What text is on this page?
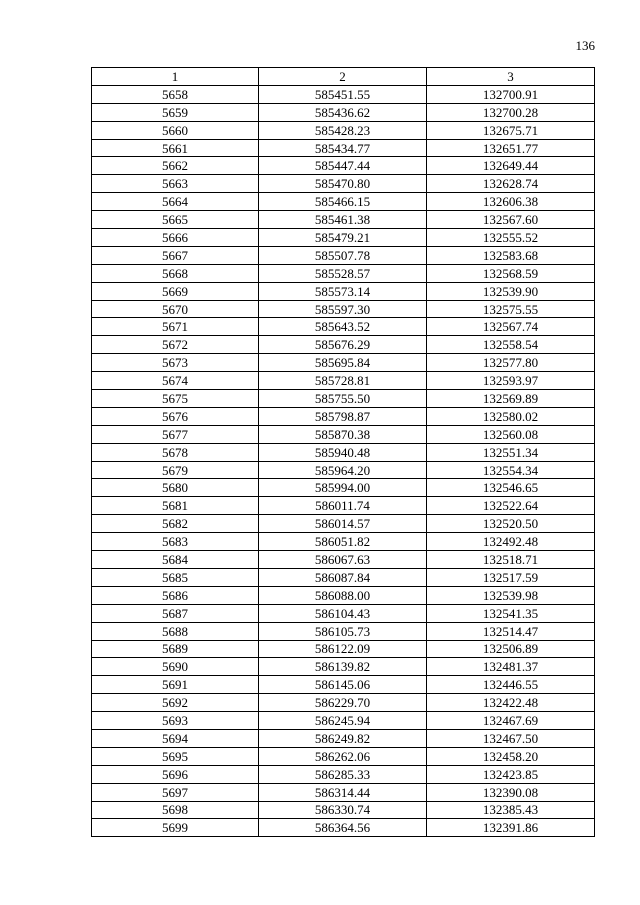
136
1	2	3
5658	585451.55	132700.91
5659	585436.62	132700.28
5660	585428.23	132675.71
5661	585434.77	132651.77
5662	585447.44	132649.44
5663	585470.80	132628.74
5664	585466.15	132606.38
5665	585461.38	132567.60
5666	585479.21	132555.52
5667	585507.78	132583.68
5668	585528.57	132568.59
5669	585573.14	132539.90
5670	585597.30	132575.55
5671	585643.52	132567.74
5672	585676.29	132558.54
5673	585695.84	132577.80
5674	585728.81	132593.97
5675	585755.50	132569.89
5676	585798.87	132580.02
5677	585870.38	132560.08
5678	585940.48	132551.34
5679	585964.20	132554.34
5680	585994.00	132546.65
5681	586011.74	132522.64
5682	586014.57	132520.50
5683	586051.82	132492.48
5684	586067.63	132518.71
5685	586087.84	132517.59
5686	586088.00	132539.98
5687	586104.43	132541.35
5688	586105.73	132514.47
5689	586122.09	132506.89
5690	586139.82	132481.37
5691	586145.06	132446.55
5692	586229.70	132422.48
5693	586245.94	132467.69
5694	586249.82	132467.50
5695	586262.06	132458.20
5696	586285.33	132423.85
5697	586314.44	132390.08
5698	586330.74	132385.43
5699	586364.56	132391.86
